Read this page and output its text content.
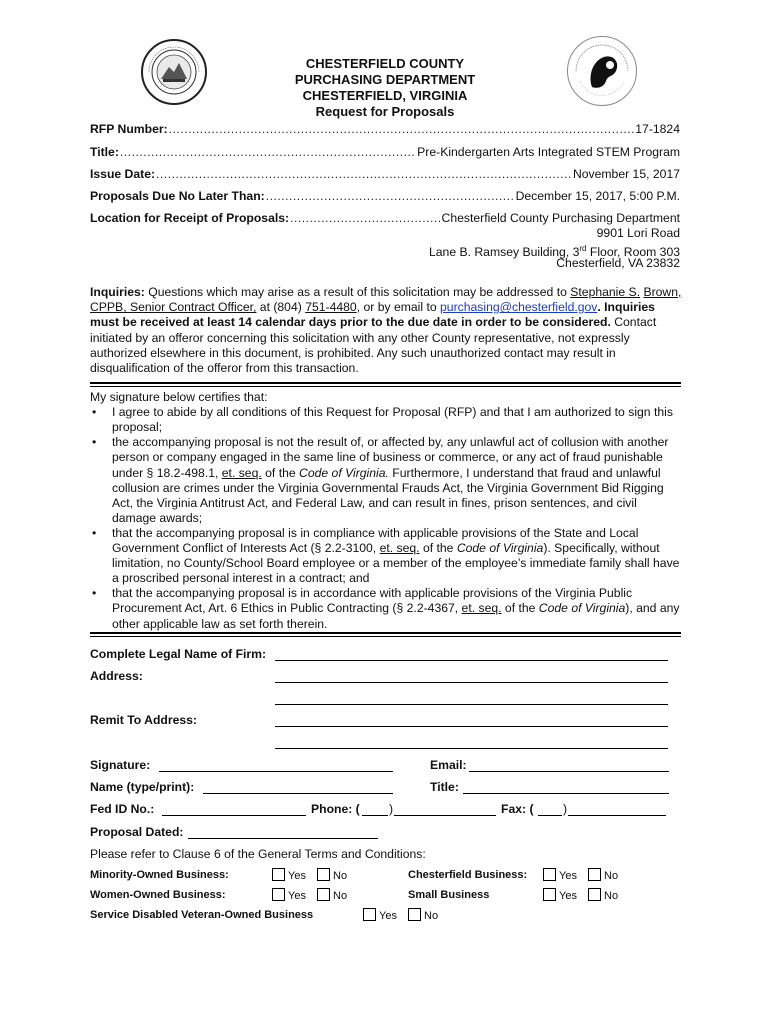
CHESTERFIELD COUNTY
PURCHASING DEPARTMENT
CHESTERFIELD, VIRGINIA
Request for Proposals
RFP Number: .....	17-1824
Title: .....	Pre-Kindergarten Arts Integrated STEM Program
Issue Date: .....	November 15, 2017
Proposals Due No Later Than: .....	December 15, 2017, 5:00 P.M.
Location for Receipt of Proposals: .....	Chesterfield County Purchasing Department
9901 Lori Road
Lane B. Ramsey Building, 3rd Floor, Room 303
Chesterfield, VA 23832
Inquiries: Questions which may arise as a result of this solicitation may be addressed to Stephanie S. Brown, CPPB, Senior Contract Officer, at (804) 751-4480, or by email to purchasing@chesterfield.gov. Inquiries must be received at least 14 calendar days prior to the due date in order to be considered. Contact initiated by an offeror concerning this solicitation with any other County representative, not expressly authorized elsewhere in this document, is prohibited. Any such unauthorized contact may result in disqualification of the offeror from this transaction.
My signature below certifies that:
• I agree to abide by all conditions of this Request for Proposal (RFP) and that I am authorized to sign this proposal;
• the accompanying proposal is not the result of, or affected by, any unlawful act of collusion with another person or company engaged in the same line of business or commerce, or any act of fraud punishable under § 18.2-498.1, et. seq. of the Code of Virginia. Furthermore, I understand that fraud and unlawful collusion are crimes under the Virginia Governmental Frauds Act, the Virginia Government Bid Rigging Act, the Virginia Antitrust Act, and Federal Law, and can result in fines, prison sentences, and civil damage awards;
• that the accompanying proposal is in compliance with applicable provisions of the State and Local Government Conflict of Interests Act (§ 2.2-3100, et. seq. of the Code of Virginia). Specifically, without limitation, no County/School Board employee or a member of the employee’s immediate family shall have a proscribed personal interest in a contract; and
• that the accompanying proposal is in accordance with applicable provisions of the Virginia Public Procurement Act, Art. 6 Ethics in Public Contracting (§ 2.2-4367, et. seq. of the Code of Virginia), and any other applicable law as set forth therein.
Complete Legal Name of Firm:
Address:
Remit To Address:
Signature:	Email:
Name (type/print):	Title:
Fed ID No.:	Phone: ( )	Fax: ( )
Proposal Dated:
Please refer to Clause 6 of the General Terms and Conditions:
Minority-Owned Business:	Yes No	Chesterfield Business:	Yes No
Women-Owned Business:	Yes No	Small Business	Yes No
Service Disabled Veteran-Owned Business	Yes No
